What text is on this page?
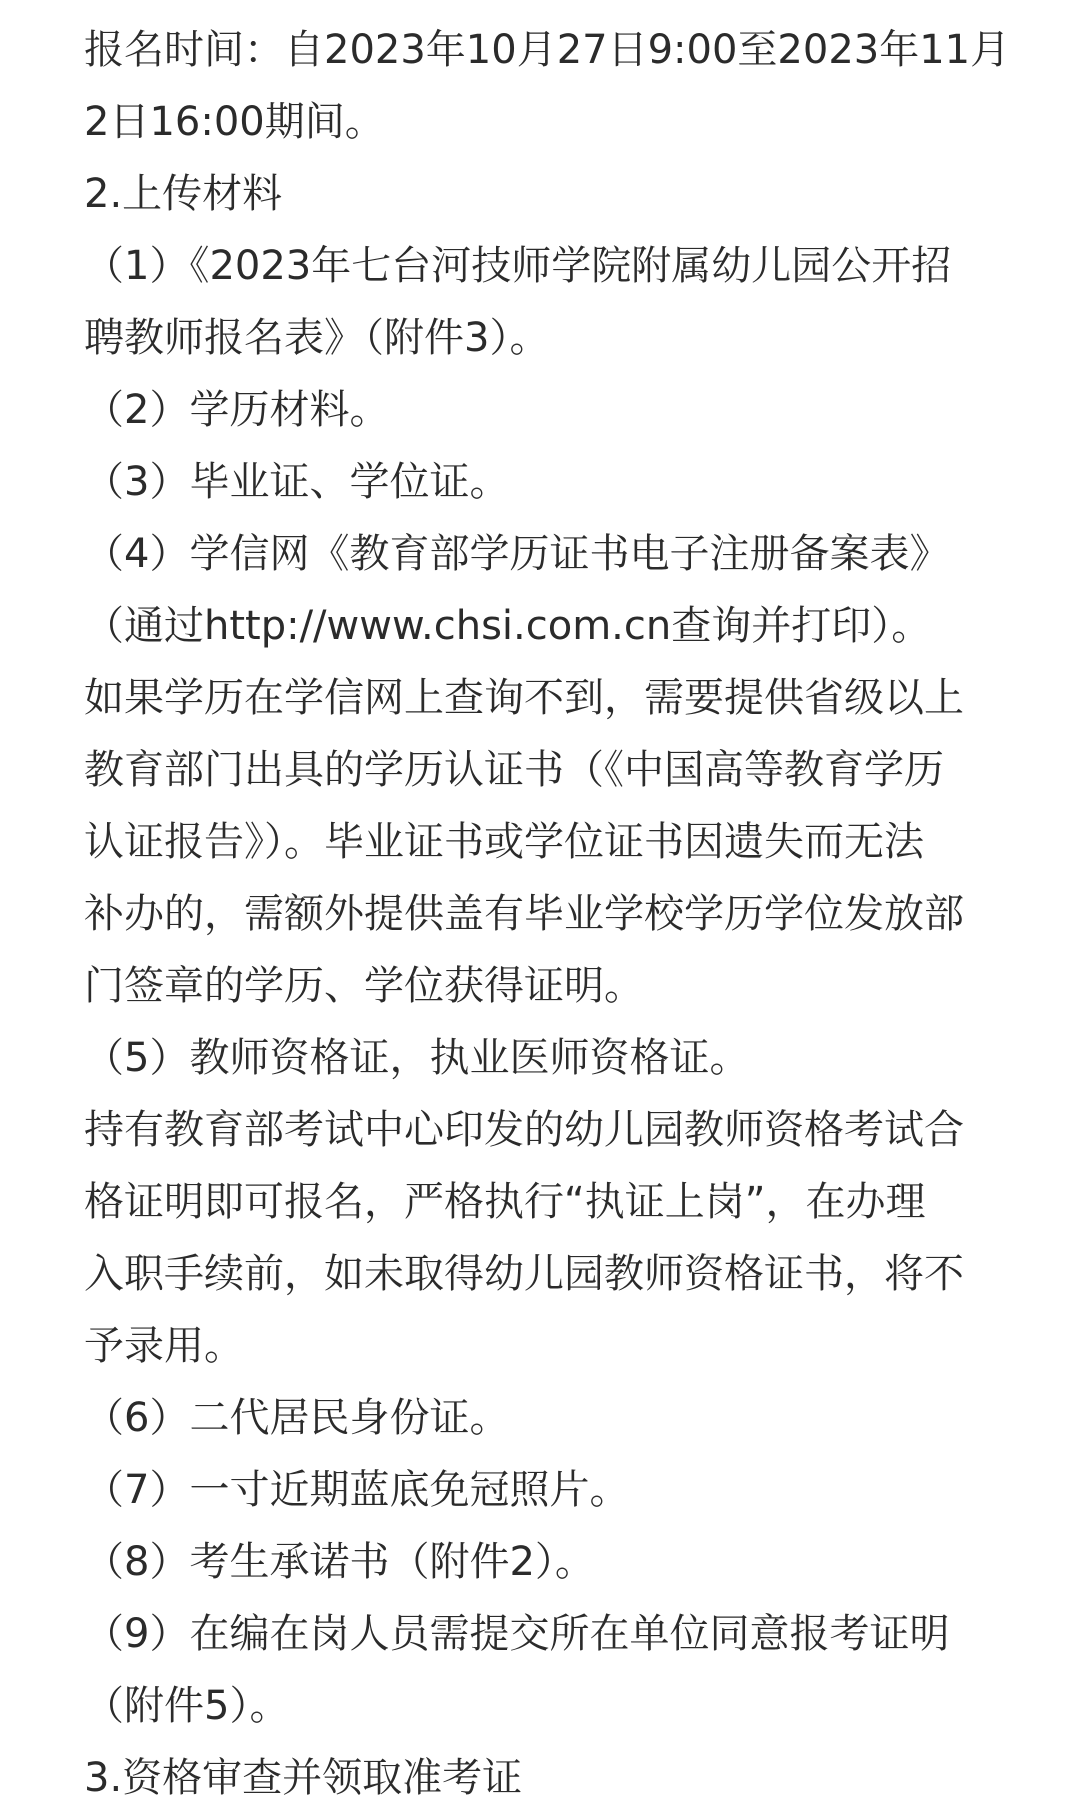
报名时间：自2023年10月27日9:00至2023年11月
2日16:00期间。
2.上传材料
（1）《2023年七台河技师学院附属幼儿园公开招
聘教师报名表》（附件3）。
（2）学历材料。
（3）毕业证、学位证。
（4）学信网《教育部学历证书电子注册备案表》
（通过http://www.chsi.com.cn查询并打印）。
如果学历在学信网上查询不到，需要提供省级以上
教育部门出具的学历认证书（《中国高等教育学历
认证报告》）。毕业证书或学位证书因遗失而无法
补办的，需额外提供盖有毕业学校学历学位发放部
门签章的学历、学位获得证明。
（5）教师资格证，执业医师资格证。
持有教育部考试中心印发的幼儿园教师资格考试合
格证明即可报名，严格执行“执证上岗”，在办理
入职手续前，如未取得幼儿园教师资格证书，将不
予录用。
（6）二代居民身份证。
（7）一寸近期蓝底免冠照片。
（8）考生承诺书（附件2）。
（9）在编在岗人员需提交所在单位同意报考证明
（附件5）。
3.资格审查并领取准考证
